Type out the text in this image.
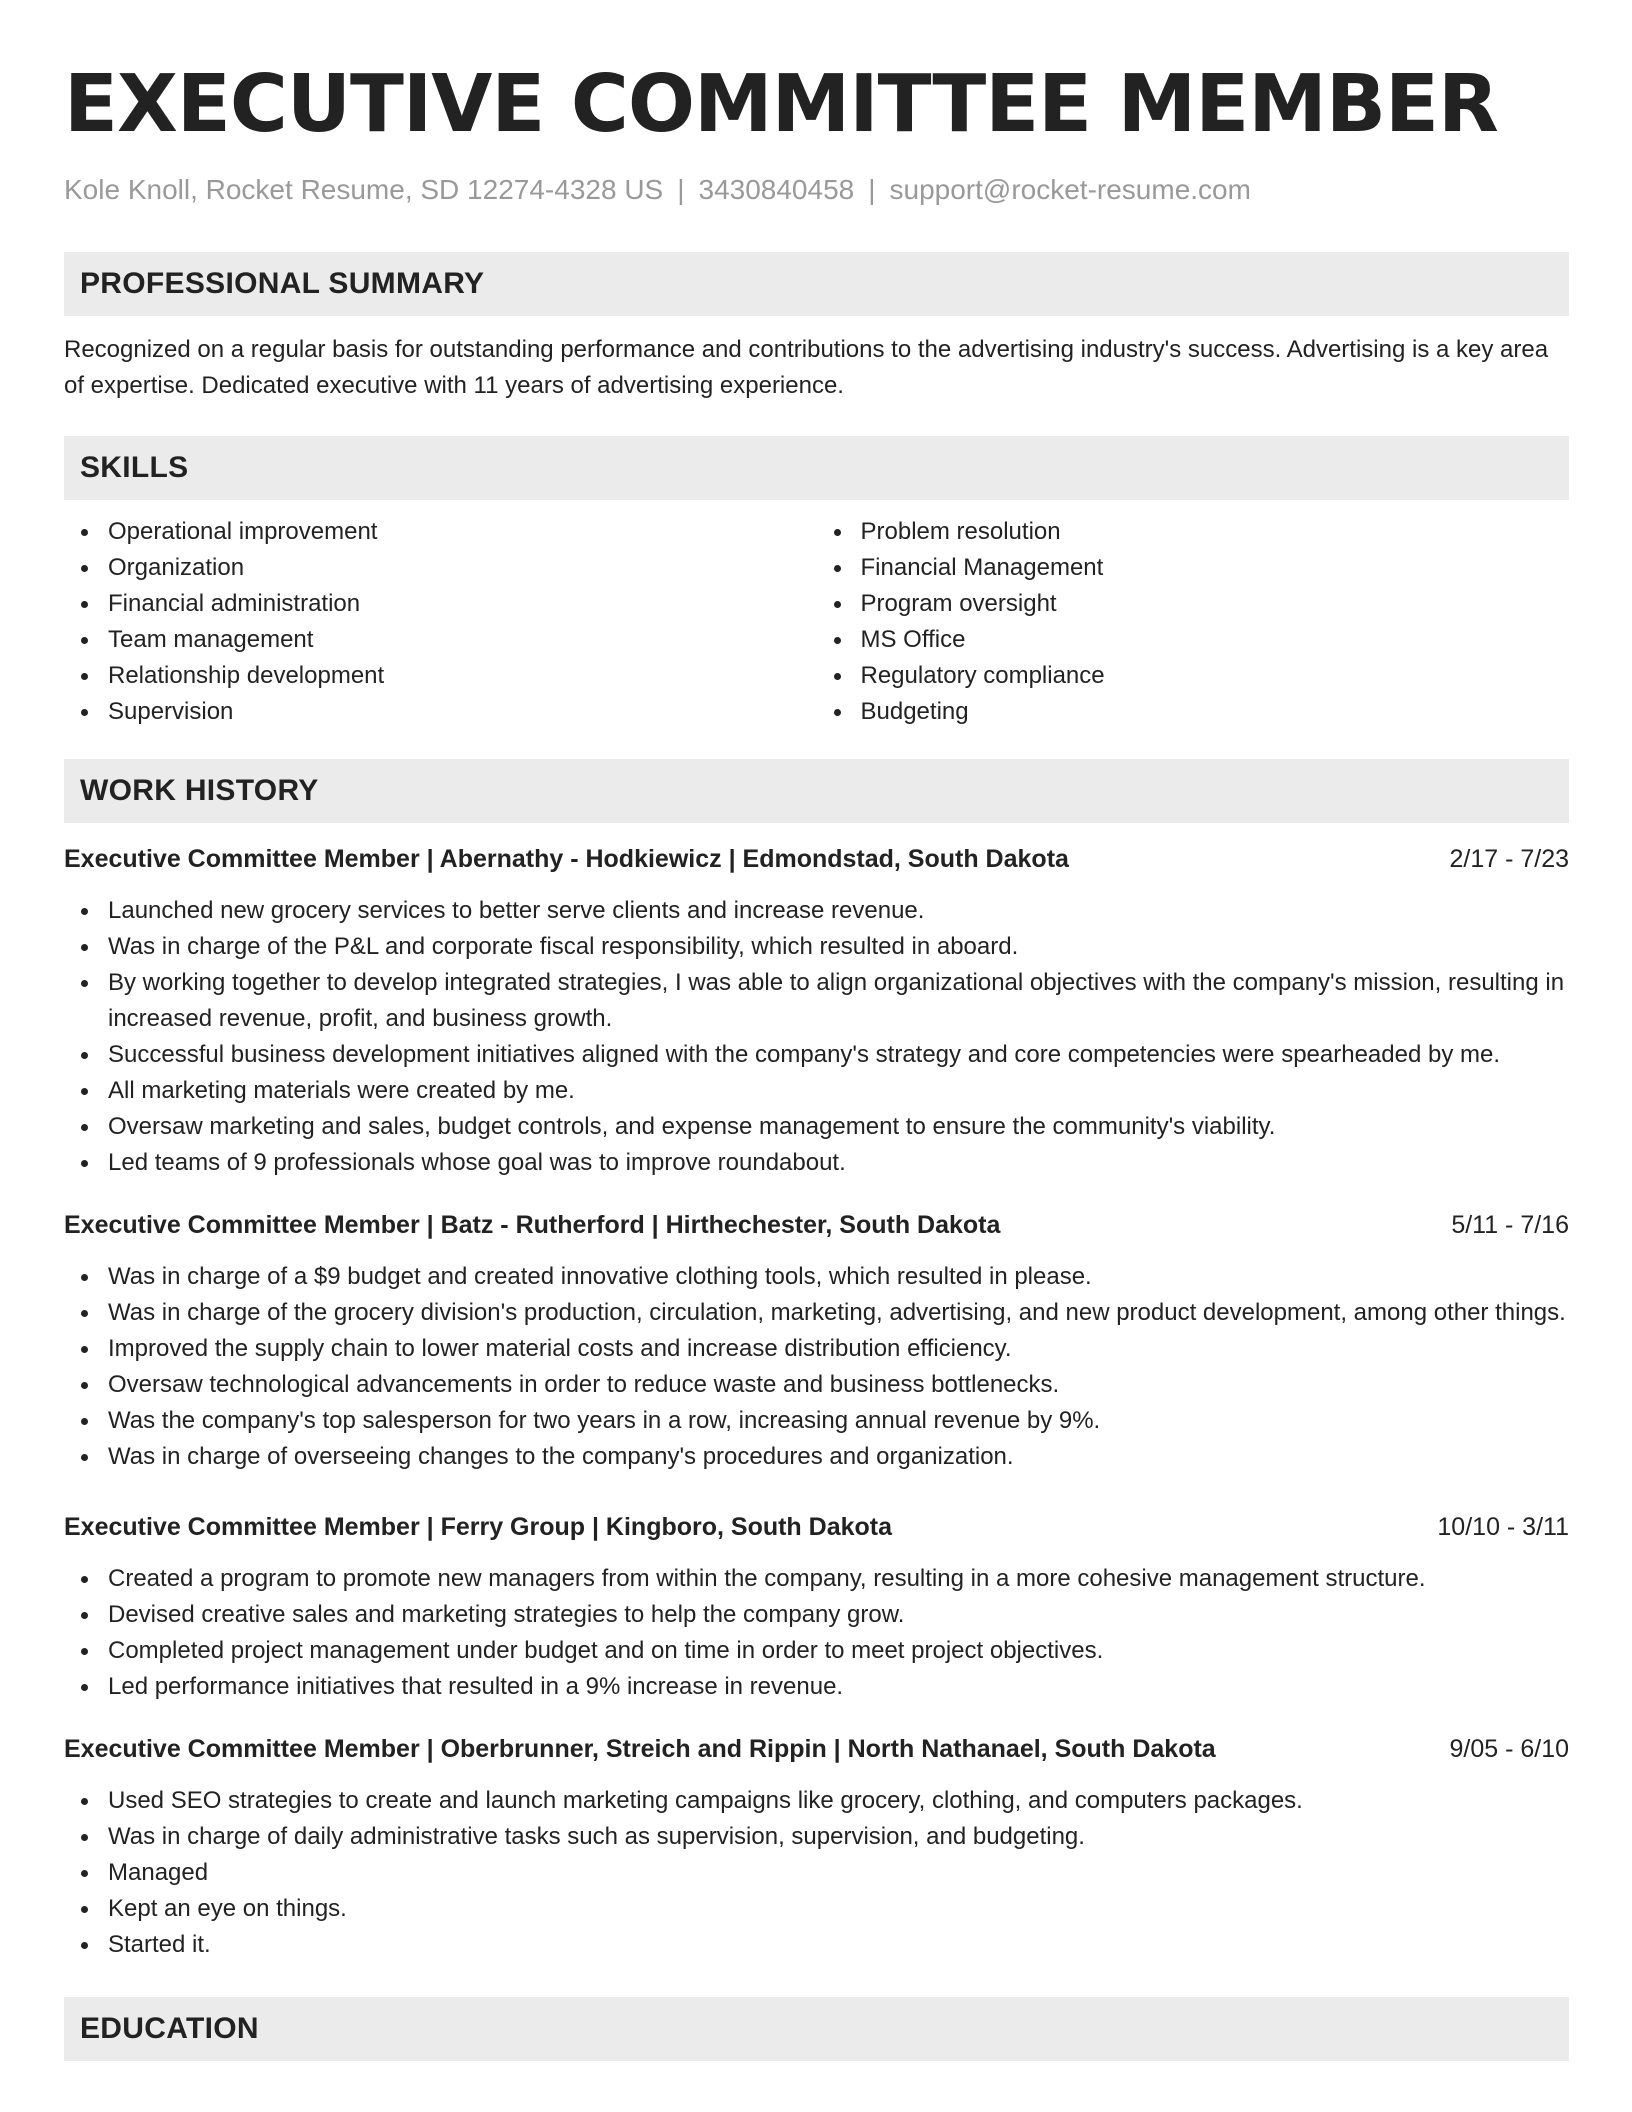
EXECUTIVE COMMITTEE MEMBER
Kole Knoll, Rocket Resume, SD 12274-4328 US | 3430840458 | support@rocket-resume.com
PROFESSIONAL SUMMARY
Recognized on a regular basis for outstanding performance and contributions to the advertising industry's success. Advertising is a key area of expertise. Dedicated executive with 11 years of advertising experience.
SKILLS
Operational improvement
Organization
Financial administration
Team management
Relationship development
Supervision
Problem resolution
Financial Management
Program oversight
MS Office
Regulatory compliance
Budgeting
WORK HISTORY
Executive Committee Member | Abernathy - Hodkiewicz | Edmondstad, South Dakota	2/17 - 7/23
Launched new grocery services to better serve clients and increase revenue.
Was in charge of the P&L and corporate fiscal responsibility, which resulted in aboard.
By working together to develop integrated strategies, I was able to align organizational objectives with the company's mission, resulting in increased revenue, profit, and business growth.
Successful business development initiatives aligned with the company's strategy and core competencies were spearheaded by me.
All marketing materials were created by me.
Oversaw marketing and sales, budget controls, and expense management to ensure the community's viability.
Led teams of 9 professionals whose goal was to improve roundabout.
Executive Committee Member | Batz - Rutherford | Hirthechester, South Dakota	5/11 - 7/16
Was in charge of a $9 budget and created innovative clothing tools, which resulted in please.
Was in charge of the grocery division's production, circulation, marketing, advertising, and new product development, among other things.
Improved the supply chain to lower material costs and increase distribution efficiency.
Oversaw technological advancements in order to reduce waste and business bottlenecks.
Was the company's top salesperson for two years in a row, increasing annual revenue by 9%.
Was in charge of overseeing changes to the company's procedures and organization.
Executive Committee Member | Ferry Group | Kingboro, South Dakota	10/10 - 3/11
Created a program to promote new managers from within the company, resulting in a more cohesive management structure.
Devised creative sales and marketing strategies to help the company grow.
Completed project management under budget and on time in order to meet project objectives.
Led performance initiatives that resulted in a 9% increase in revenue.
Executive Committee Member | Oberbrunner, Streich and Rippin | North Nathanael, South Dakota	9/05 - 6/10
Used SEO strategies to create and launch marketing campaigns like grocery, clothing, and computers packages.
Was in charge of daily administrative tasks such as supervision, supervision, and budgeting.
Managed
Kept an eye on things.
Started it.
EDUCATION
